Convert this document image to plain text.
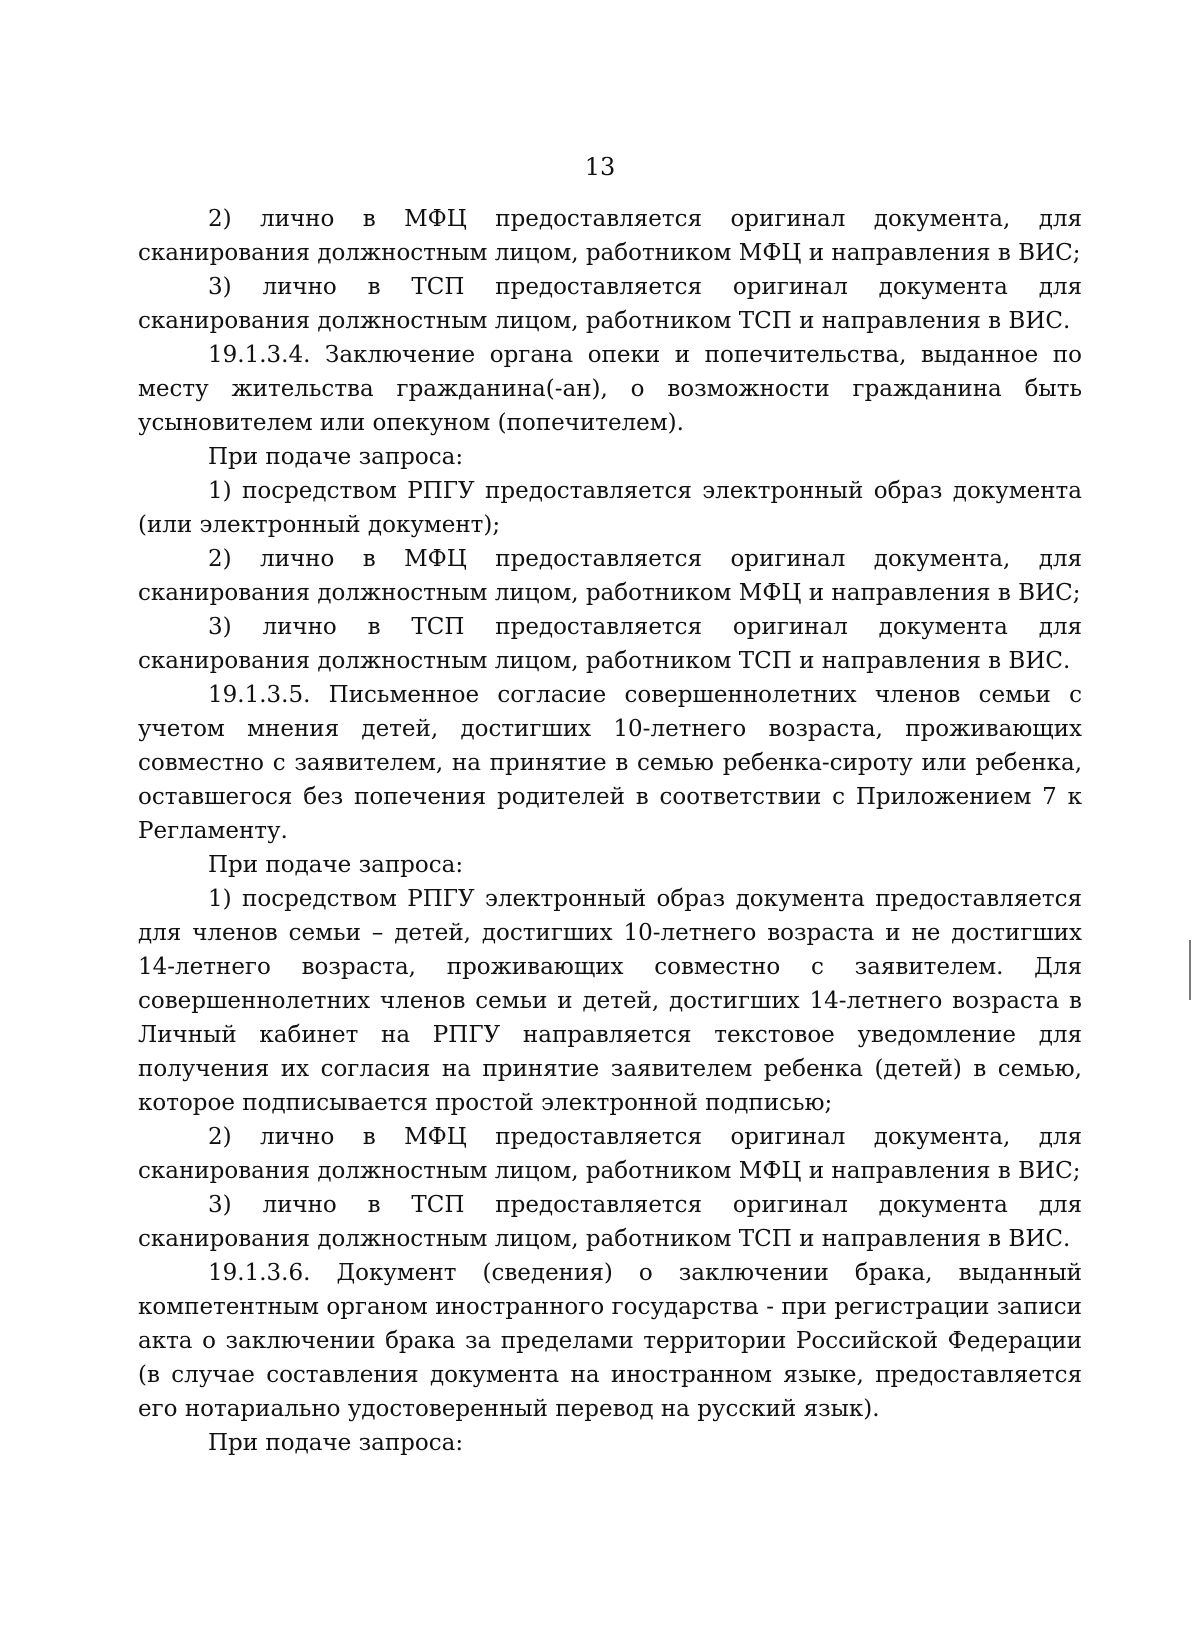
13

2) лично в МФЦ предоставляется оригинал документа, для сканирования должностным лицом, работником МФЦ и направления в ВИС;

3) лично в ТСП предоставляется оригинал документа для сканирования должностным лицом, работником ТСП и направления в ВИС.

19.1.3.4. Заключение органа опеки и попечительства, выданное по месту жительства гражданина(-ан), о возможности гражданина быть усыновителем или опекуном (попечителем).

При подаче запроса:

1) посредством РПГУ предоставляется электронный образ документа (или электронный документ);

2) лично в МФЦ предоставляется оригинал документа, для сканирования должностным лицом, работником МФЦ и направления в ВИС;

3) лично в ТСП предоставляется оригинал документа для сканирования должностным лицом, работником ТСП и направления в ВИС.

19.1.3.5. Письменное согласие совершеннолетних членов семьи с учетом мнения детей, достигших 10-летнего возраста, проживающих совместно с заявителем, на принятие в семью ребенка-сироту или ребенка, оставшегося без попечения родителей в соответствии с Приложением 7 к Регламенту.

При подаче запроса:

1) посредством РПГУ электронный образ документа предоставляется для членов семьи – детей, достигших 10-летнего возраста и не достигших 14-летнего возраста, проживающих совместно с заявителем. Для совершеннолетних членов семьи и детей, достигших 14-летнего возраста в Личный кабинет на РПГУ направляется текстовое уведомление для получения их согласия на принятие заявителем ребенка (детей) в семью, которое подписывается простой электронной подписью;

2) лично в МФЦ предоставляется оригинал документа, для сканирования должностным лицом, работником МФЦ и направления в ВИС;

3) лично в ТСП предоставляется оригинал документа для сканирования должностным лицом, работником ТСП и направления в ВИС.

19.1.3.6. Документ (сведения) о заключении брака, выданный компетентным органом иностранного государства - при регистрации записи акта о заключении брака за пределами территории Российской Федерации (в случае составления документа на иностранном языке, предоставляется его нотариально удостоверенный перевод на русский язык).

При подаче запроса:
